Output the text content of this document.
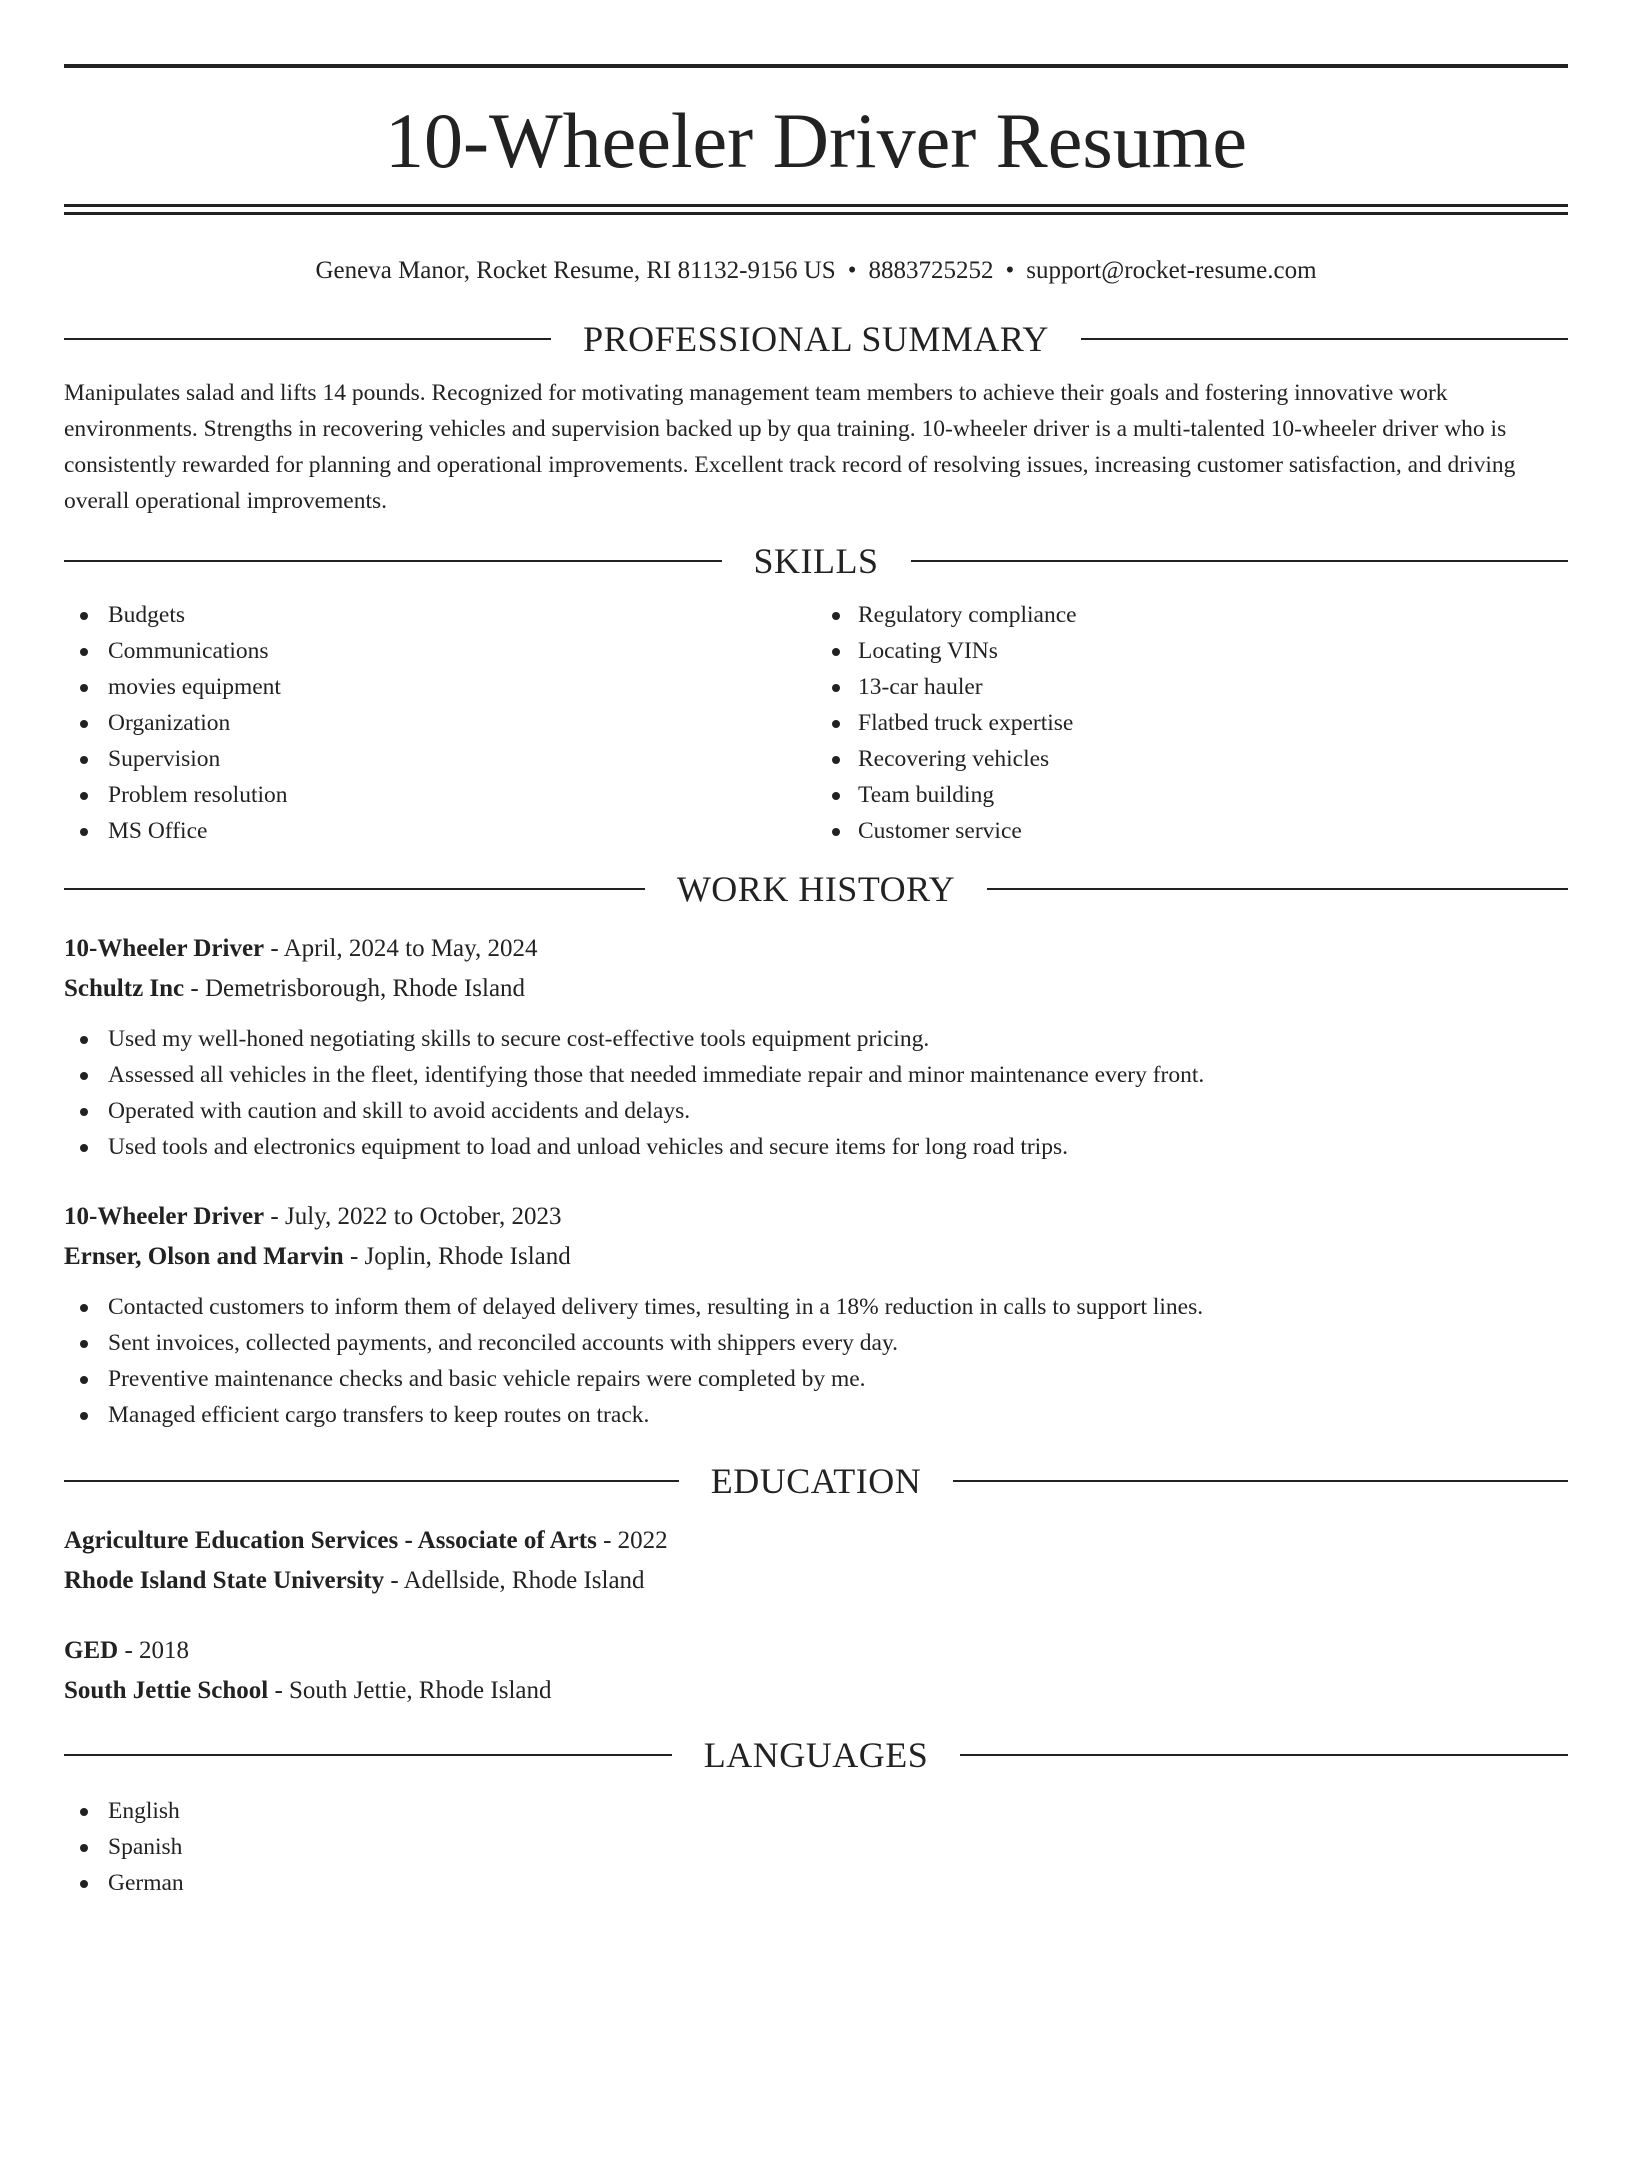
10-Wheeler Driver Resume
Geneva Manor, Rocket Resume, RI 81132-9156 US • 8883725252 • support@rocket-resume.com
PROFESSIONAL SUMMARY

Manipulates salad and lifts 14 pounds. Recognized for motivating management team members to achieve their goals and fostering innovative work environments. Strengths in recovering vehicles and supervision backed up by qua training. 10-wheeler driver is a multi-talented 10-wheeler driver who is consistently rewarded for planning and operational improvements. Excellent track record of resolving issues, increasing customer satisfaction, and driving overall operational improvements.

SKILLS
Budgets
Communications
movies equipment
Organization
Supervision
Problem resolution
MS Office
Regulatory compliance
Locating VINs
13-car hauler
Flatbed truck expertise
Recovering vehicles
Team building
Customer service
WORK HISTORY
10-Wheeler Driver - April, 2024 to May, 2024
Schultz Inc - Demetrisborough, Rhode Island
Used my well-honed negotiating skills to secure cost-effective tools equipment pricing.
Assessed all vehicles in the fleet, identifying those that needed immediate repair and minor maintenance every front.
Operated with caution and skill to avoid accidents and delays.
Used tools and electronics equipment to load and unload vehicles and secure items for long road trips.
10-Wheeler Driver - July, 2022 to October, 2023
Ernser, Olson and Marvin - Joplin, Rhode Island
Contacted customers to inform them of delayed delivery times, resulting in a 18% reduction in calls to support lines.
Sent invoices, collected payments, and reconciled accounts with shippers every day.
Preventive maintenance checks and basic vehicle repairs were completed by me.
Managed efficient cargo transfers to keep routes on track.
EDUCATION
Agriculture Education Services - Associate of Arts - 2022
Rhode Island State University - Adellside, Rhode Island
GED - 2018
South Jettie School - South Jettie, Rhode Island
LANGUAGES
English
Spanish
German
